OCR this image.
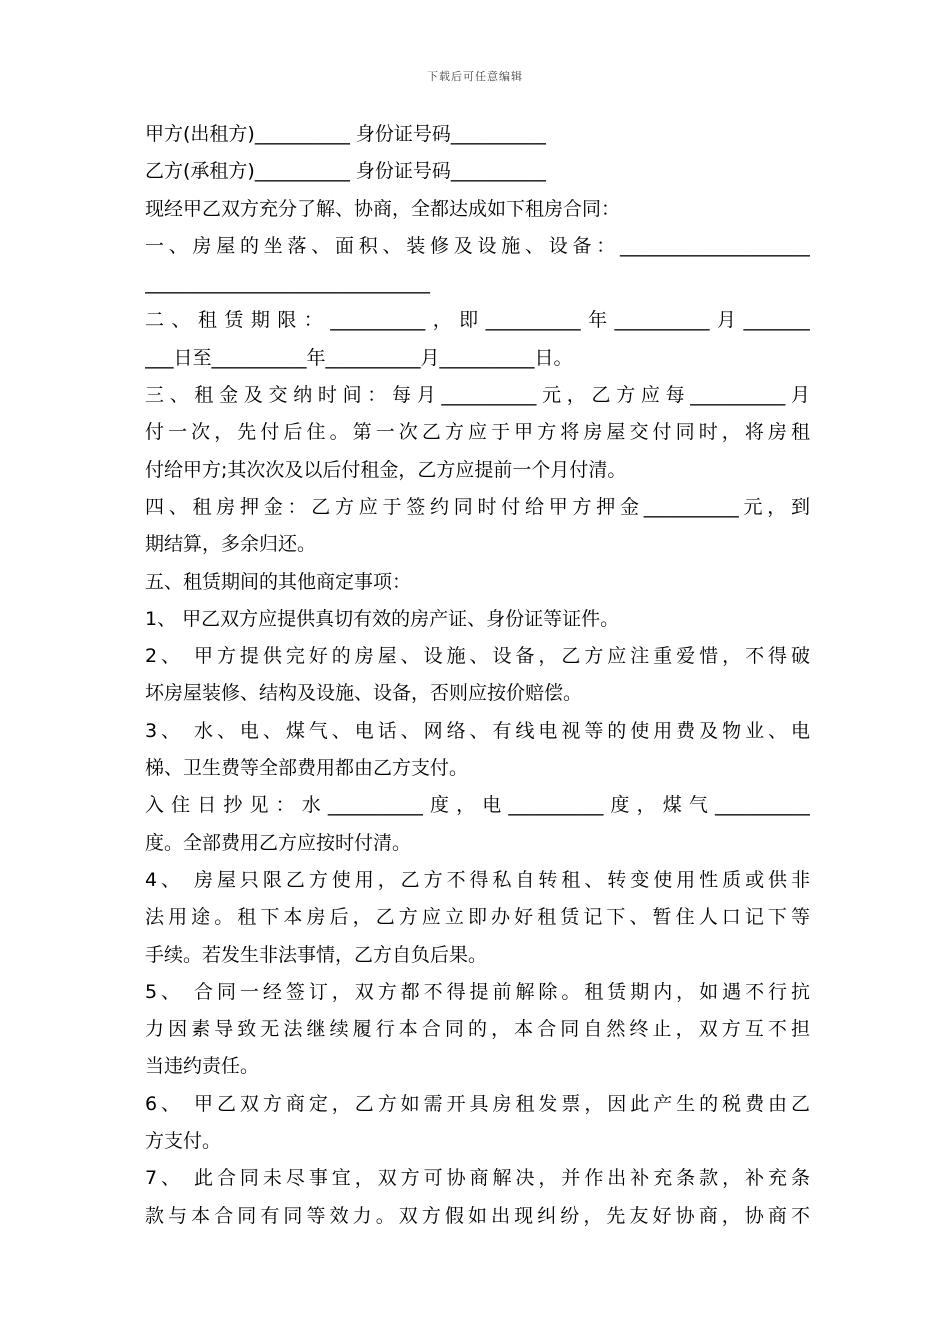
下载后可任意编辑
甲方(出租方)__________ 身份证号码__________
乙方(承租方)__________ 身份证号码__________
现经甲乙双方充分了解、协商，全都达成如下租房合同：
一、房屋的坐落、面积、装修及设施、设备：____________________
______________________________
二、租赁期限：__________，即__________年__________月_______
___日至__________年__________月__________日。
三、租金及交纳时间：每月__________元，乙方应每__________月
付一次，先付后住。第一次乙方应于甲方将房屋交付同时，将房租
付给甲方;其次次及以后付租金，乙方应提前一个月付清。
四、租房押金：乙方应于签约同时付给甲方押金__________元，到
期结算，多余归还。
五、租赁期间的其他商定事项：
1、 甲乙双方应提供真切有效的房产证、身份证等证件。
2、 甲方提供完好的房屋、设施、设备，乙方应注重爱惜，不得破
坏房屋装修、结构及设施、设备，否则应按价赔偿。
3、 水、电、煤气、电话、网络、有线电视等的使用费及物业、电
梯、卫生费等全部费用都由乙方支付。
入住日抄见：水__________度，电__________度，煤气__________
度。全部费用乙方应按时付清。
4、 房屋只限乙方使用，乙方不得私自转租、转变使用性质或供非
法用途。租下本房后，乙方应立即办好租赁记下、暂住人口记下等
手续。若发生非法事情，乙方自负后果。
5、 合同一经签订，双方都不得提前解除。租赁期内，如遇不行抗
力因素导致无法继续履行本合同的，本合同自然终止，双方互不担
当违约责任。
6、 甲乙双方商定，乙方如需开具房租发票，因此产生的税费由乙
方支付。
7、 此合同未尽事宜，双方可协商解决，并作出补充条款，补充条
款与本合同有同等效力。双方假如出现纠纷，先友好协商，协商不
